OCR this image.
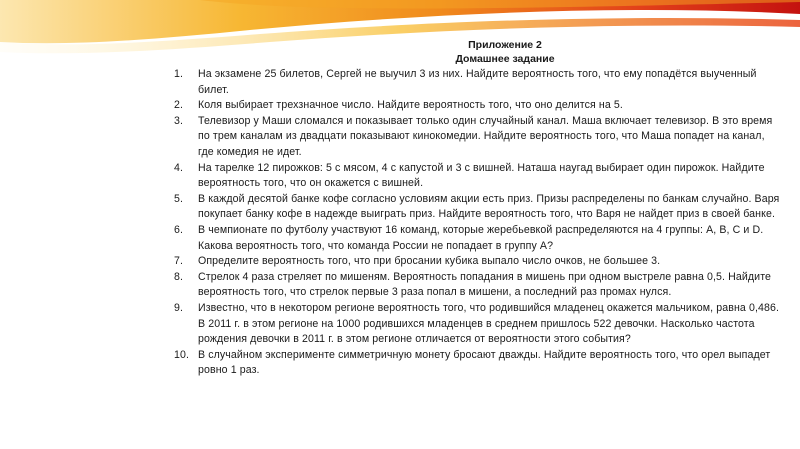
Приложение 2
Домашнее задание
1. На экзамене 25 билетов, Сергей не выучил 3 из них. Найдите вероятность того, что ему попадётся выученный билет.
2. Коля выбирает трехзначное число. Найдите вероятность того, что оно делится на 5.
3. Телевизор у Маши сломался и показывает только один случайный канал. Маша включает телевизор. В это время по трем каналам из двадцати показывают кинокомедии. Найдите вероятность того, что Маша попадет на канал, где комедия не идет.
4. На тарелке 12 пирожков: 5 с мясом, 4 с капустой и 3 с вишней. Наташа наугад выбирает один пирожок. Найдите вероятность того, что он окажется с вишней.
5. В каждой десятой банке кофе согласно условиям акции есть приз. Призы распределены по банкам случайно. Варя покупает банку кофе в надежде выиграть приз. Найдите вероятность того, что Варя не найдет приз в своей банке.
6. В чемпионате по футболу участвуют 16 команд, которые жеребьевкой распределяются на 4 группы: A, B, C и D. Какова вероятность того, что команда России не попадает в группу A?
7. Определите вероятность того, что при бросании кубика выпало число очков, не большее 3.
8. Стрелок 4 раза стреляет по мишеням. Вероятность попадания в мишень при одном выстреле равна 0,5. Найдите вероятность того, что стрелок первые 3 раза попал в мишени, а последний раз промах нулся.
9. Известно, что в некотором регионе вероятность того, что родившийся младенец окажется мальчиком, равна 0,486. В 2011 г. в этом регионе на 1000 родившихся младенцев в среднем пришлось 522 девочки. Насколько частота рождения девочки в 2011 г. в этом регионе отличается от вероятности этого события?
10. В случайном эксперименте симметричную монету бросают дважды. Найдите вероятность того, что орел выпадет ровно 1 раз.
